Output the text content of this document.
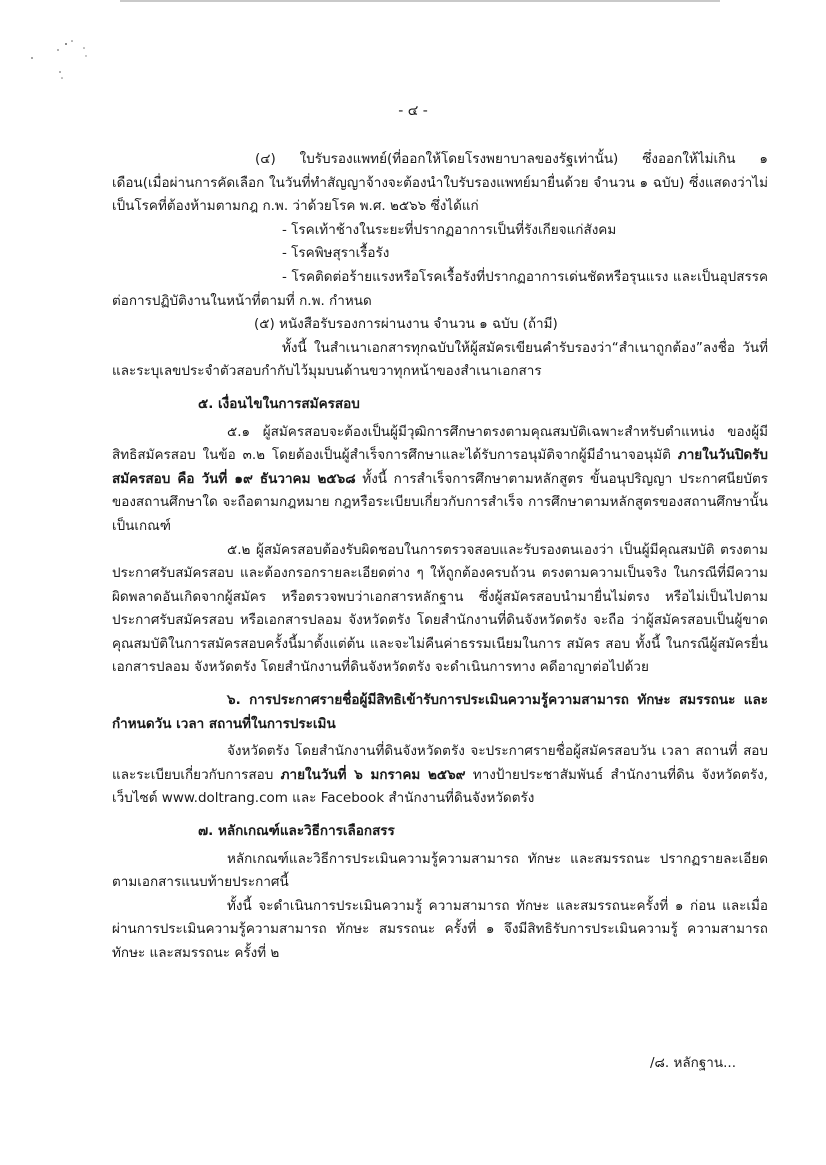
- ๔ -

(๔) ใบรับรองแพทย์(ที่ออกให้โดยโรงพยาบาลของรัฐเท่านั้น) ซึ่งออกให้ไม่เกิน ๑ เดือน(เมื่อผ่านการคัดเลือก ในวันที่ทำสัญญาจ้างจะต้องนำใบรับรองแพทย์มายื่นด้วย จำนวน ๑ ฉบับ) ซึ่งแสดงว่าไม่เป็นโรคที่ต้องห้ามตามกฎ ก.พ. ว่าด้วยโรค พ.ศ. ๒๕๖๖ ซึ่งได้แก่

- โรคเท้าช้างในระยะที่ปรากฏอาการเป็นที่รังเกียจแก่สังคม

- โรคพิษสุราเรื้อรัง

- โรคติดต่อร้ายแรงหรือโรคเรื้อรังที่ปรากฏอาการเด่นชัดหรือรุนแรง และเป็นอุปสรรค ต่อการปฏิบัติงานในหน้าที่ตามที่ ก.พ. กำหนด

(๕) หนังสือรับรองการผ่านงาน จำนวน ๑ ฉบับ (ถ้ามี)

ทั้งนี้ ในสำเนาเอกสารทุกฉบับให้ผู้สมัครเขียนคำรับรองว่า“สำเนาถูกต้อง”ลงชื่อ วันที่ และระบุเลขประจำตัวสอบกำกับไว้มุมบนด้านขวาทุกหน้าของสำเนาเอกสาร

๕. เงื่อนไขในการสมัครสอบ

๕.๑ ผู้สมัครสอบจะต้องเป็นผู้มีวุฒิการศึกษาตรงตามคุณสมบัติเฉพาะสำหรับตำแหน่ง ของผู้มีสิทธิสมัครสอบ ในข้อ ๓.๒ โดยต้องเป็นผู้สำเร็จการศึกษาและได้รับการอนุมัติจากผู้มีอำนาจอนุมัติ ภายในวันปิดรับสมัครสอบ คือ วันที่ ๑๙ ธันวาคม ๒๕๖๘ ทั้งนี้ การสำเร็จการศึกษาตามหลักสูตร ขั้นอนุปริญญา ประกาศนียบัตรของสถานศึกษาใด จะถือตามกฎหมาย กฎหรือระเบียบเกี่ยวกับการสำเร็จ การศึกษาตามหลักสูตรของสถานศึกษานั้นเป็นเกณฑ์

๕.๒ ผู้สมัครสอบต้องรับผิดชอบในการตรวจสอบและรับรองตนเองว่า เป็นผู้มีคุณสมบัติ ตรงตามประกาศรับสมัครสอบ และต้องกรอกรายละเอียดต่าง ๆ ให้ถูกต้องครบถ้วน ตรงตามความเป็นจริง ในกรณีที่มีความผิดพลาดอันเกิดจากผู้สมัคร หรือตรวจพบว่าเอกสารหลักฐาน ซึ่งผู้สมัครสอบนำมายื่นไม่ตรง หรือไม่เป็นไปตามประกาศรับสมัครสอบ หรือเอกสารปลอม จังหวัดตรัง โดยสำนักงานที่ดินจังหวัดตรัง จะถือ ว่าผู้สมัครสอบเป็นผู้ขาดคุณสมบัติในการสมัครสอบครั้งนี้มาตั้งแต่ต้น และจะไม่คืนค่าธรรมเนียมในการ สมัคร สอบ ทั้งนี้ ในกรณีผู้สมัครยื่นเอกสารปลอม จังหวัดตรัง โดยสำนักงานที่ดินจังหวัดตรัง จะดำเนินการทาง คดีอาญาต่อไปด้วย

๖. การประกาศรายชื่อผู้มีสิทธิเข้ารับการประเมินความรู้ความสามารถ ทักษะ สมรรถนะ และกำหนดวัน เวลา สถานที่ในการประเมิน

จังหวัดตรัง โดยสำนักงานที่ดินจังหวัดตรัง จะประกาศรายชื่อผู้สมัครสอบวัน เวลา สถานที่ สอบ และระเบียบเกี่ยวกับการสอบ ภายในวันที่ ๖ มกราคม ๒๕๖๙ ทางป้ายประชาสัมพันธ์ สำนักงานที่ดิน จังหวัดตรัง, เว็บไซต์ www.doltrang.com และ Facebook สำนักงานที่ดินจังหวัดตรัง

๗. หลักเกณฑ์และวิธีการเลือกสรร

หลักเกณฑ์และวิธีการประเมินความรู้ความสามารถ ทักษะ และสมรรถนะ ปรากฏรายละเอียดตามเอกสารแนบท้ายประกาศนี้

ทั้งนี้ จะดำเนินการประเมินความรู้ ความสามารถ ทักษะ และสมรรถนะครั้งที่ ๑ ก่อน และเมื่อผ่านการประเมินความรู้ความสามารถ ทักษะ สมรรถนะ ครั้งที่ ๑ จึงมีสิทธิรับการประเมินความรู้ ความสามารถ ทักษะ และสมรรถนะ ครั้งที่ ๒

/๘. หลักฐาน...
